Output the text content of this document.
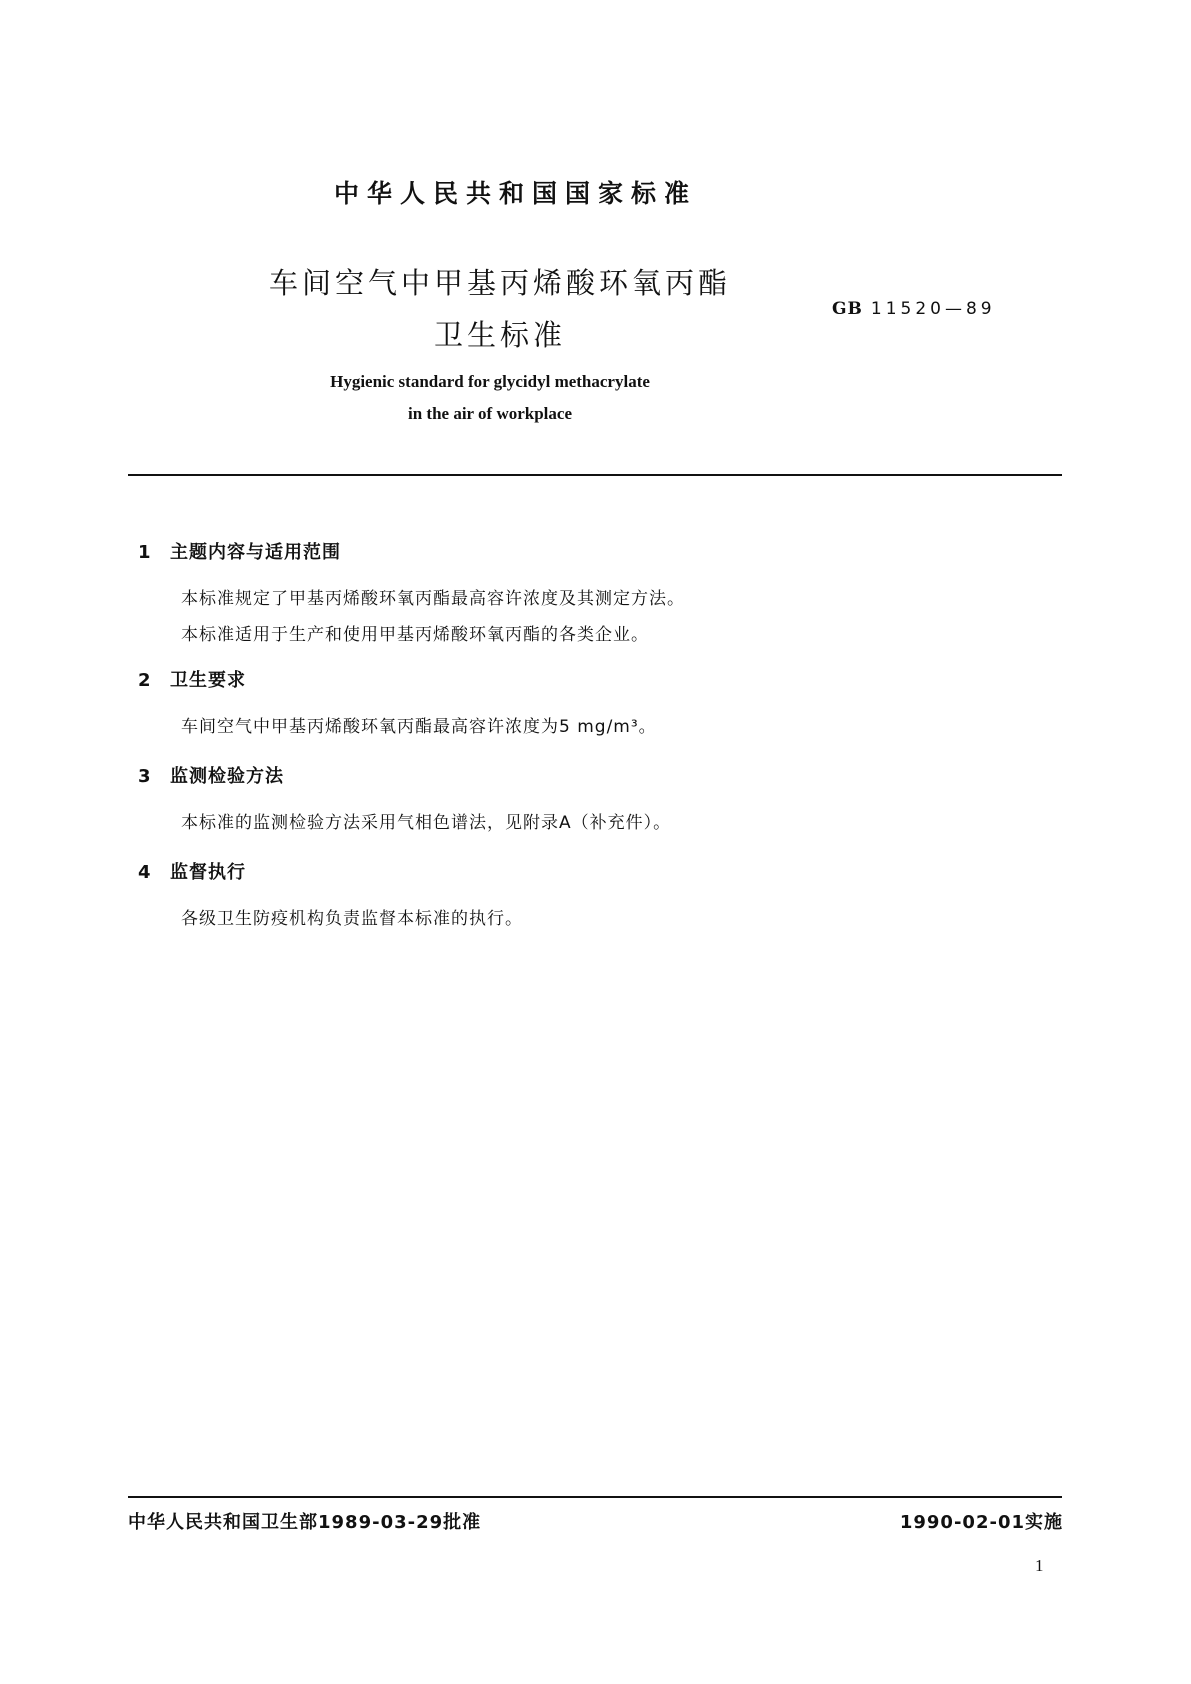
中华人民共和国国家标准
车间空气中甲基丙烯酸环氧丙酯
卫生标准
GB 11520—89
Hygienic standard for glycidyl methacrylate
in the air of workplace
1 主题内容与适用范围
本标准规定了甲基丙烯酸环氧丙酯最高容许浓度及其测定方法。
本标准适用于生产和使用甲基丙烯酸环氧丙酯的各类企业。
2 卫生要求
车间空气中甲基丙烯酸环氧丙酯最高容许浓度为5 mg/m³。
3 监测检验方法
本标准的监测检验方法采用气相色谱法，见附录A（补充件）。
4 监督执行
各级卫生防疫机构负责监督本标准的执行。
中华人民共和国卫生部1989-03-29批准	1990-02-01实施
1
